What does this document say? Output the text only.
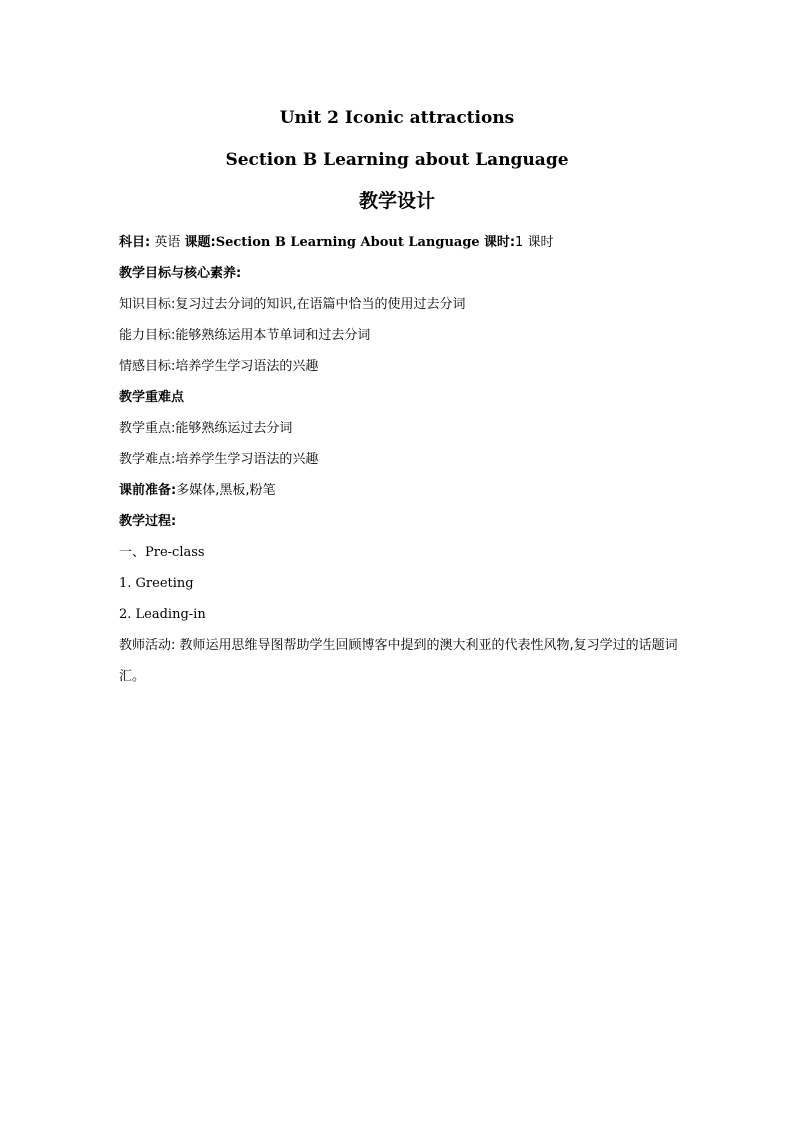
Unit 2 Iconic attractions
Section B Learning about Language
教学设计
科目: 英语 课题:Section B Learning About Language 课时:1 课时
教学目标与核心素养:
知识目标:复习过去分词的知识,在语篇中恰当的使用过去分词
能力目标:能够熟练运用本节单词和过去分词
情感目标:培养学生学习语法的兴趣
教学重难点
教学重点:能够熟练运过去分词
教学难点:培养学生学习语法的兴趣
课前准备:多媒体,黑板,粉笔
教学过程:
一、Pre-class
1. Greeting
2. Leading-in
教师活动: 教师运用思维导图帮助学生回顾博客中提到的澳大利亚的代表性风物,复习学过的话题词汇。
